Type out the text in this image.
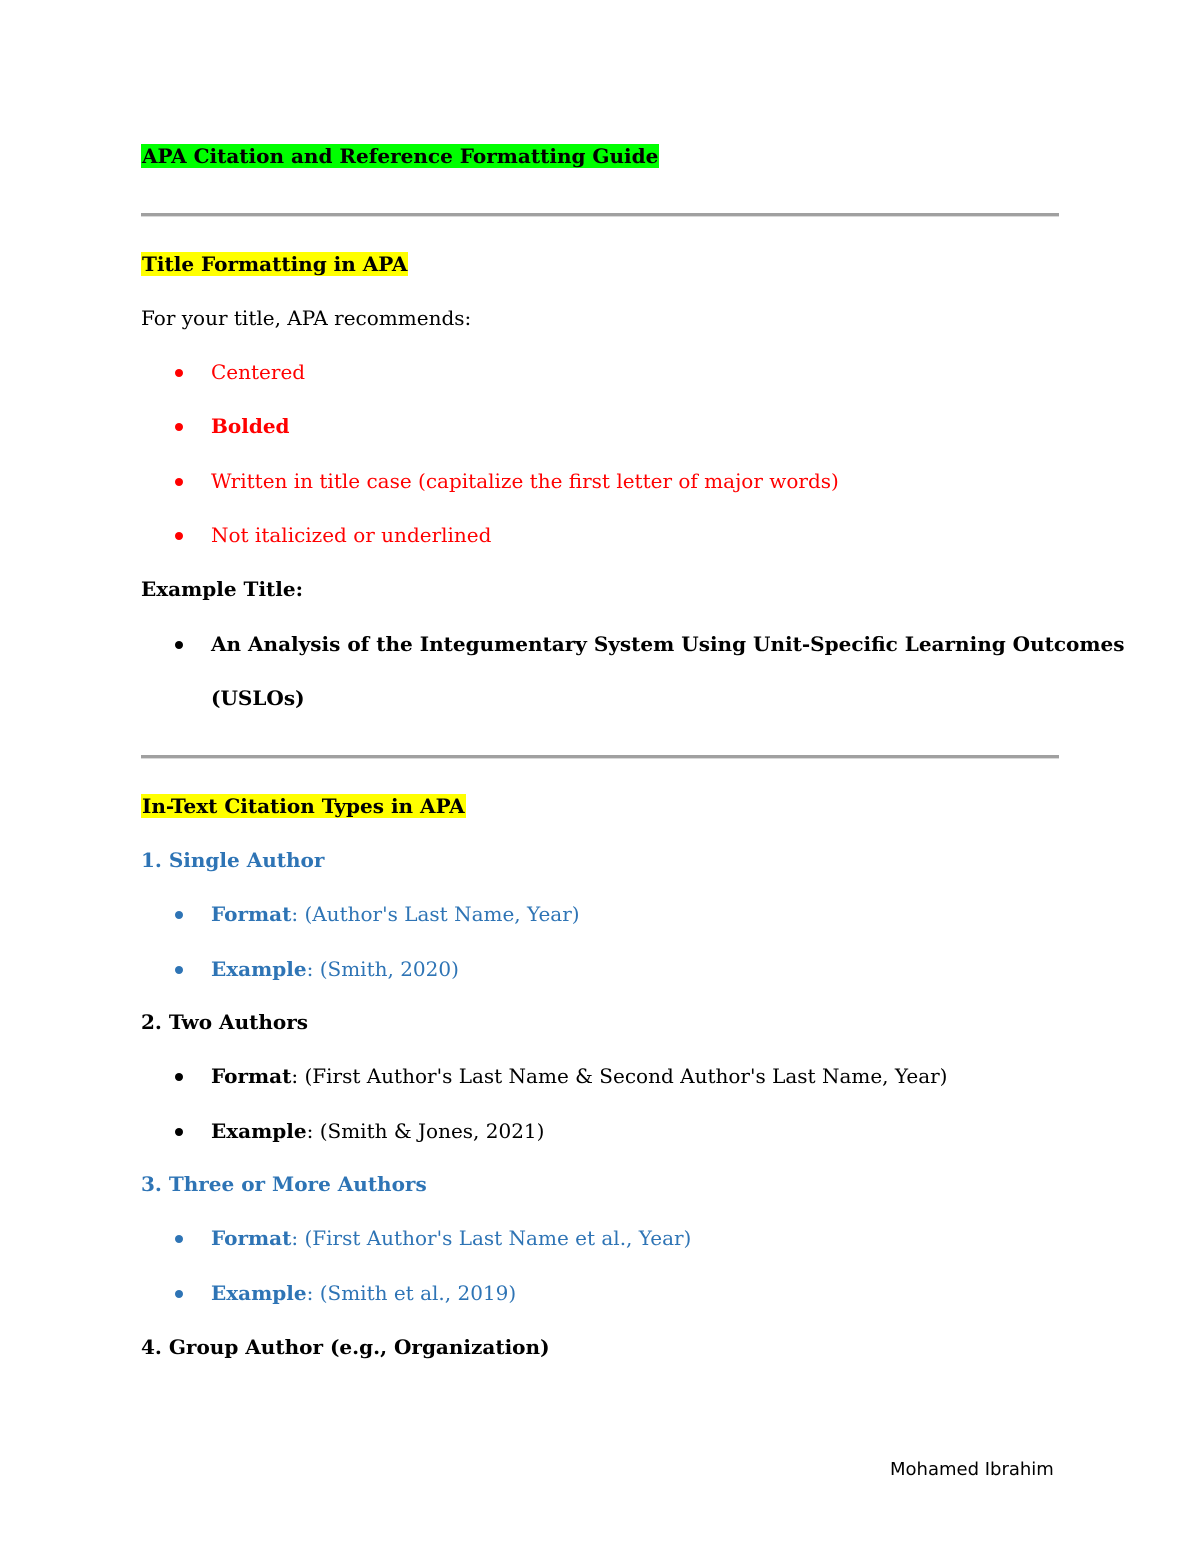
APA Citation and Reference Formatting Guide
Title Formatting in APA
For your title, APA recommends:
Centered
Bolded
Written in title case (capitalize the first letter of major words)
Not italicized or underlined
Example Title:
An Analysis of the Integumentary System Using Unit-Specific Learning Outcomes
(USLOs)
In-Text Citation Types in APA
1. Single Author
Format: (Author's Last Name, Year)
Example: (Smith, 2020)
2. Two Authors
Format: (First Author's Last Name & Second Author's Last Name, Year)
Example: (Smith & Jones, 2021)
3. Three or More Authors
Format: (First Author's Last Name et al., Year)
Example: (Smith et al., 2019)
4. Group Author (e.g., Organization)
Mohamed Ibrahim
